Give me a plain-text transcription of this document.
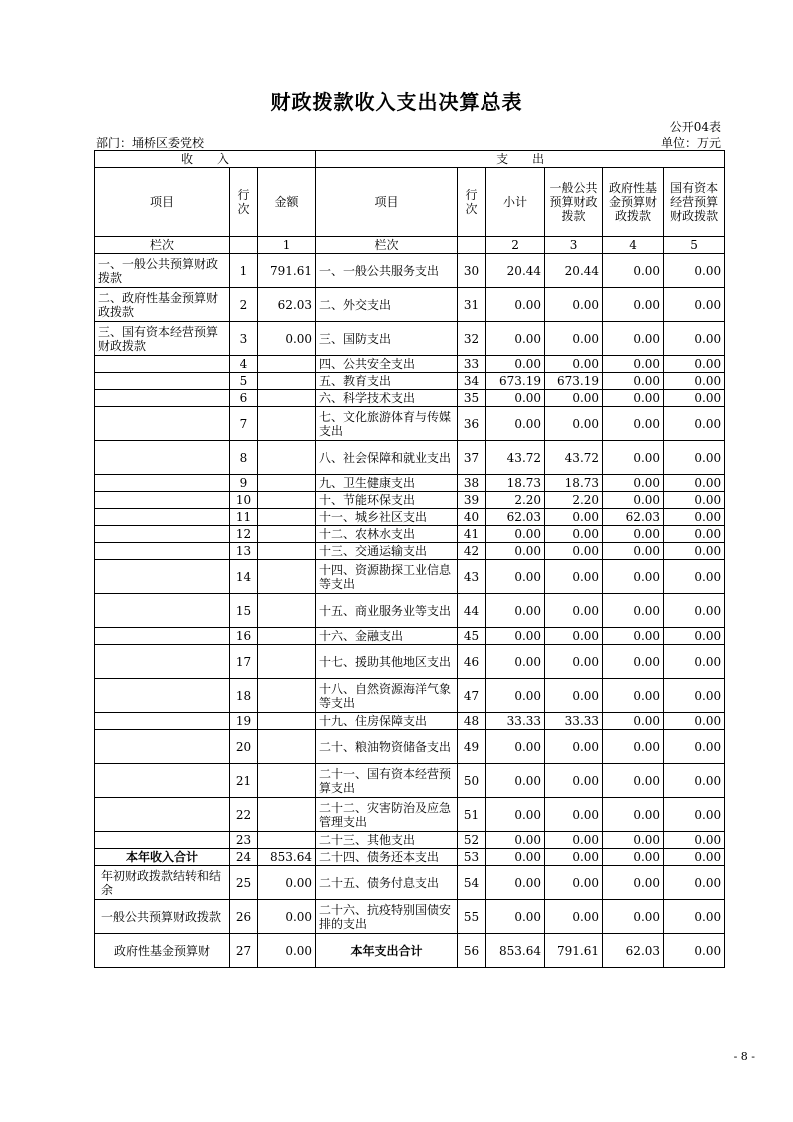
财政拨款收入支出决算总表
公开04表
部门：埇桥区委党校	单位：万元
收　　入			支　　出					
项目	行次	金额	项目	行次	小计	一般公共预算财政拨款	政府性基金预算财政拨款	国有资本经营预算财政拨款
栏次		1	栏次		2	3	4	5
一、一般公共预算财政拨款	1	791.61	一、一般公共服务支出	30	20.44	20.44	0.00	0.00
二、政府性基金预算财政拨款	2	62.03	二、外交支出	31	0.00	0.00	0.00	0.00
三、国有资本经营预算财政拨款	3	0.00	三、国防支出	32	0.00	0.00	0.00	0.00
	4		四、公共安全支出	33	0.00	0.00	0.00	0.00
	5		五、教育支出	34	673.19	673.19	0.00	0.00
	6		六、科学技术支出	35	0.00	0.00	0.00	0.00
	7		七、文化旅游体育与传媒支出	36	0.00	0.00	0.00	0.00
	8		八、社会保障和就业支出	37	43.72	43.72	0.00	0.00
	9		九、卫生健康支出	38	18.73	18.73	0.00	0.00
	10		十、节能环保支出	39	2.20	2.20	0.00	0.00
	11		十一、城乡社区支出	40	62.03	0.00	62.03	0.00
	12		十二、农林水支出	41	0.00	0.00	0.00	0.00
	13		十三、交通运输支出	42	0.00	0.00	0.00	0.00
	14		十四、资源勘探工业信息等支出	43	0.00	0.00	0.00	0.00
	15		十五、商业服务业等支出	44	0.00	0.00	0.00	0.00
	16		十六、金融支出	45	0.00	0.00	0.00	0.00
	17		十七、援助其他地区支出	46	0.00	0.00	0.00	0.00
	18		十八、自然资源海洋气象等支出	47	0.00	0.00	0.00	0.00
	19		十九、住房保障支出	48	33.33	33.33	0.00	0.00
	20		二十、粮油物资储备支出	49	0.00	0.00	0.00	0.00
	21		二十一、国有资本经营预算支出	50	0.00	0.00	0.00	0.00
	22		二十二、灾害防治及应急管理支出	51	0.00	0.00	0.00	0.00
	23		二十三、其他支出	52	0.00	0.00	0.00	0.00
本年收入合计	24	853.64	二十四、债务还本支出	53	0.00	0.00	0.00	0.00
年初财政拨款结转和结余	25	0.00	二十五、债务付息支出	54	0.00	0.00	0.00	0.00
一般公共预算财政拨款	26	0.00	二十六、抗疫特别国债安排的支出	55	0.00	0.00	0.00	0.00
政府性基金预算财	27	0.00	本年支出合计	56	853.64	791.61	62.03	0.00
- 8 -
